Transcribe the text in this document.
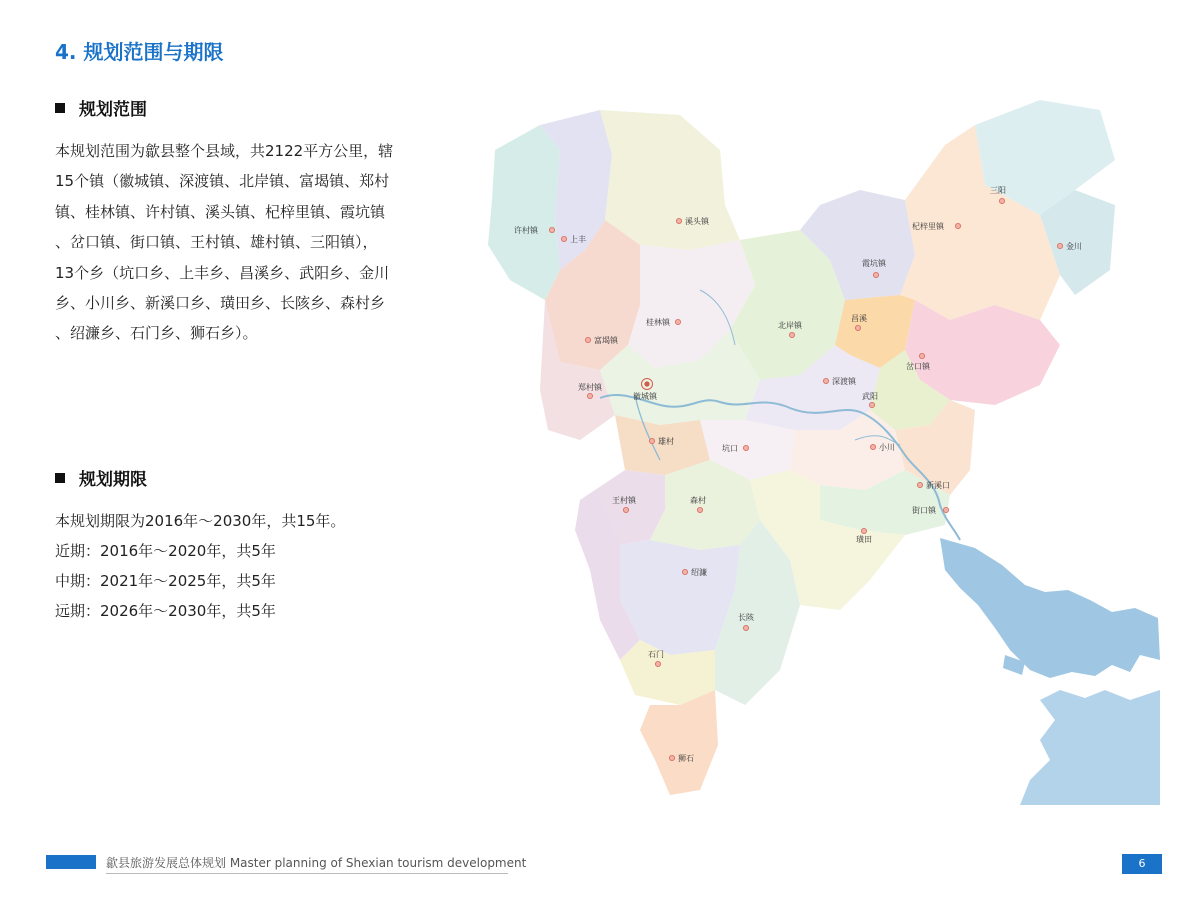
4. 规划范围与期限
规划范围
本规划范围为歙县整个县域，共2122平方公里，辖
15个镇（徽城镇、深渡镇、北岸镇、富堨镇、郑村
镇、桂林镇、许村镇、溪头镇、杞梓里镇、霞坑镇
、岔口镇、街口镇、王村镇、雄村镇、三阳镇），
13个乡（坑口乡、上丰乡、昌溪乡、武阳乡、金川
乡、小川乡、新溪口乡、璜田乡、长陔乡、森村乡
、绍濂乡、石门乡、狮石乡）。
规划期限
本规划期限为2016年～2030年，共15年。
近期：2016年～2020年，共5年
中期：2021年～2025年，共5年
远期：2026年～2030年，共5年
许村镇
上丰
溪头镇
三阳
杞梓里镇
金川
霞坑镇
富堨镇
桂林镇	北岸镇
昌溪
岔口镇
郑村镇
徽城镇
深渡镇
武阳
雄村
坑口	小川
新溪口
王村镇	森村
街口镇
璜田
绍濂
长陔
石门
狮石
歙县旅游发展总体规划 Master planning of Shexian tourism development	6
